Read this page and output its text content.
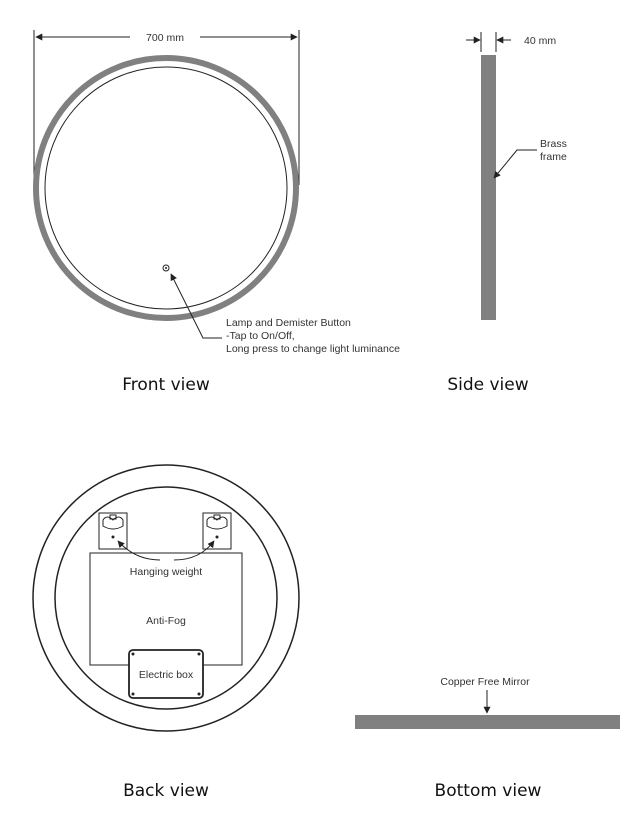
700 mm
Lamp and Demister Button
-Tap to On/Off,
Long press to change light luminance
Front view
40 mm
Brass
frame
Side view
Anti-Fog
Hanging weight
Electric box
Back view
Copper Free Mirror
Bottom view
